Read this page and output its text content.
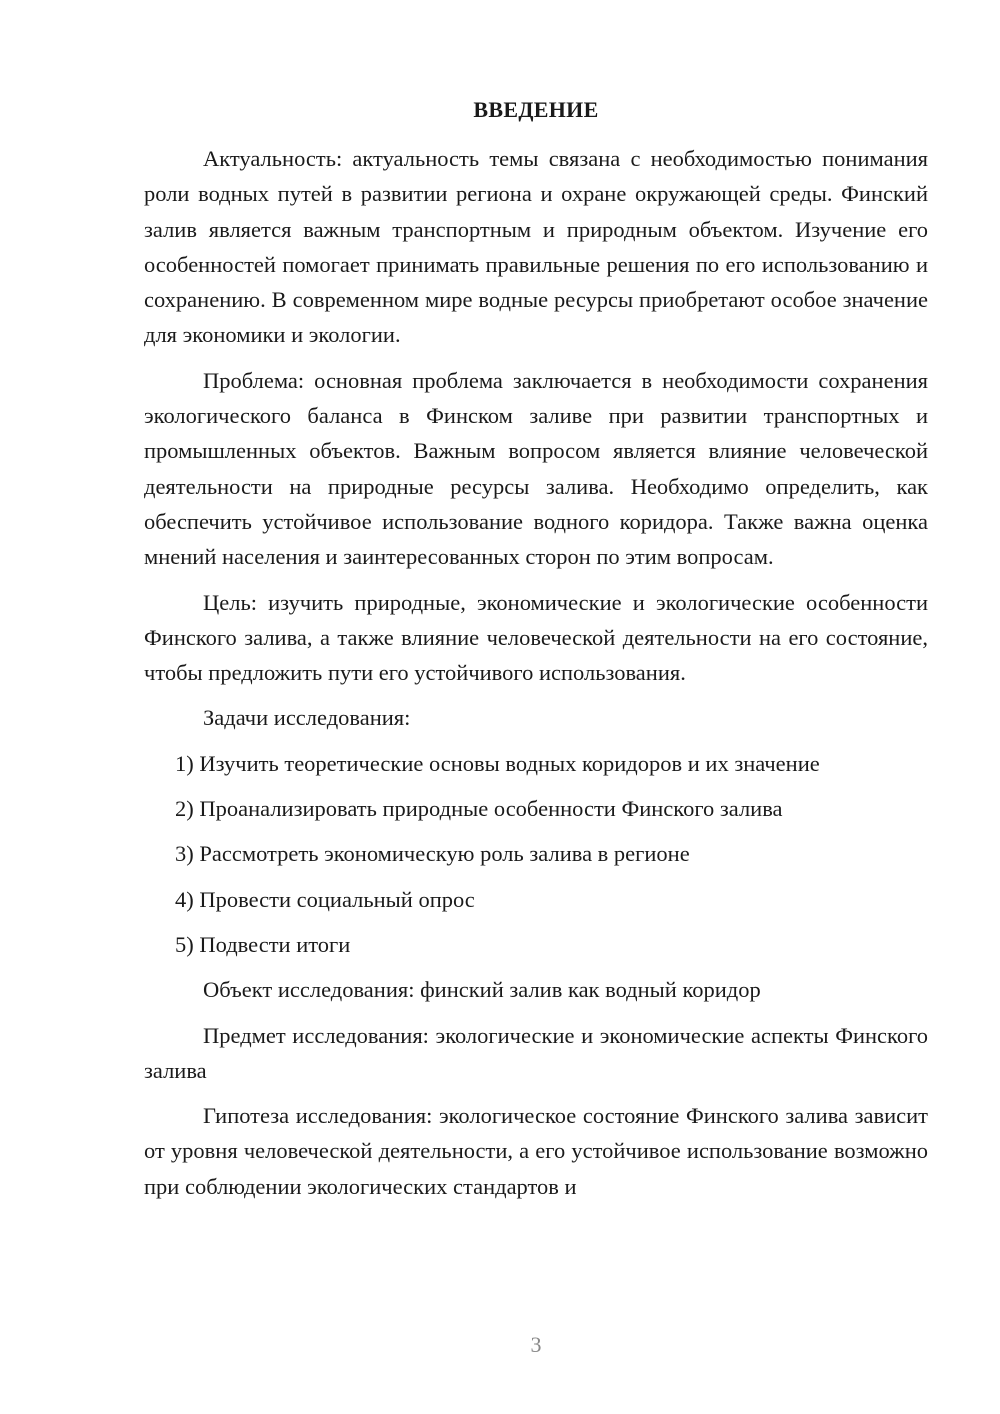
ВВЕДЕНИЕ

Актуальность: актуальность темы связана с необходимостью понимания роли водных путей в развитии региона и охране окружающей среды. Финский залив является важным транспортным и природным объектом. Изучение его особенностей помогает принимать правильные решения по его использованию и сохранению. В современном мире водные ресурсы приобретают особое значение для экономики и экологии.

Проблема: основная проблема заключается в необходимости сохранения экологического баланса в Финском заливе при развитии транспортных и промышленных объектов. Важным вопросом является влияние человеческой деятельности на природные ресурсы залива. Необходимо определить, как обеспечить устойчивое использование водного коридора. Также важна оценка мнений населения и заинтересованных сторон по этим вопросам.

Цель: изучить природные, экономические и экологические особенности Финского залива, а также влияние человеческой деятельности на его состояние, чтобы предложить пути его устойчивого использования.

Задачи исследования:

1) Изучить теоретические основы водных коридоров и их значение

2) Проанализировать природные особенности Финского залива

3) Рассмотреть экономическую роль залива в регионе

4) Провести социальный опрос

5) Подвести итоги

Объект исследования: финский залив как водный коридор

Предмет исследования: экологические и экономические аспекты Финского залива

Гипотеза исследования: экологическое состояние Финского залива зависит от уровня человеческой деятельности, а его устойчивое использование возможно при соблюдении экологических стандартов и

3
